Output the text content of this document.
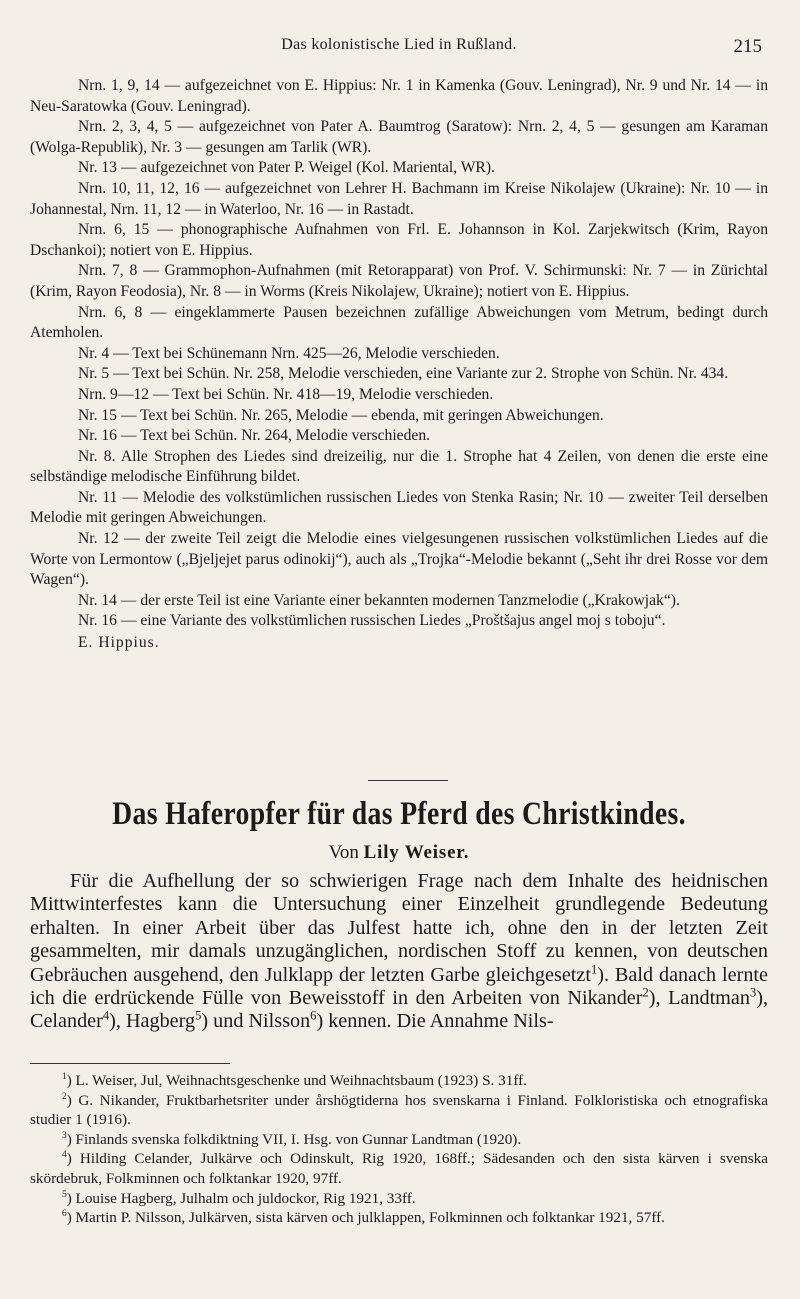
Das kolonistische Lied in Rußland.	215

Nrn. 1, 9, 14 — aufgezeichnet von E. Hippius: Nr. 1 in Kamenka (Gouv. Leningrad), Nr. 9 und Nr. 14 — in Neu-Saratowka (Gouv. Leningrad).

Nrn. 2, 3, 4, 5 — aufgezeichnet von Pater A. Baumtrog (Saratow): Nrn. 2, 4, 5 — gesungen am Karaman (Wolga-Republik), Nr. 3 — gesungen am Tarlik (WR).

Nr. 13 — aufgezeichnet von Pater P. Weigel (Kol. Mariental, WR).

Nrn. 10, 11, 12, 16 — aufgezeichnet von Lehrer H. Bachmann im Kreise Nikolajew (Ukraine): Nr. 10 — in Johannestal, Nrn. 11, 12 — in Waterloo, Nr. 16 — in Rastadt.

Nrn. 6, 15 — phonographische Aufnahmen von Frl. E. Johannson in Kol. Zarjekwitsch (Krim, Rayon Dschankoi); notiert von E. Hippius.

Nrn. 7, 8 — Grammophon-Aufnahmen (mit Retorapparat) von Prof. V. Schirmunski: Nr. 7 — in Zürichtal (Krim, Rayon Feodosia), Nr. 8 — in Worms (Kreis Nikolajew, Ukraine); notiert von E. Hippius.

Nrn. 6, 8 — eingeklammerte Pausen bezeichnen zufällige Abweichungen vom Metrum, bedingt durch Atemholen.

Nr. 4 — Text bei Schünemann Nrn. 425—26, Melodie verschieden.

Nr. 5 — Text bei Schün. Nr. 258, Melodie verschieden, eine Variante zur 2. Strophe von Schün. Nr. 434.

Nrn. 9—12 — Text bei Schün. Nr. 418—19, Melodie verschieden.

Nr. 15 — Text bei Schün. Nr. 265, Melodie — ebenda, mit geringen Abweichungen.

Nr. 16 — Text bei Schün. Nr. 264, Melodie verschieden.

Nr. 8. Alle Strophen des Liedes sind dreizeilig, nur die 1. Strophe hat 4 Zeilen, von denen die erste eine selbständige melodische Einführung bildet.

Nr. 11 — Melodie des volkstümlichen russischen Liedes von Stenka Rasin; Nr. 10 — zweiter Teil derselben Melodie mit geringen Abweichungen.

Nr. 12 — der zweite Teil zeigt die Melodie eines vielgesungenen russischen volkstümlichen Liedes auf die Worte von Lermontow („Bjeljejet parus odinokij“), auch als „Trojka“-Melodie bekannt („Seht ihr drei Rosse vor dem Wagen“).

Nr. 14 — der erste Teil ist eine Variante einer bekannten modernen Tanzmelodie („Krakowjak“).

Nr. 16 — eine Variante des volkstümlichen russischen Liedes „Proštšajus angel moj s toboju“.

E. Hippius.

Das Haferopfer für das Pferd des Christkindes.
Von Lily Weiser.

Für die Aufhellung der so schwierigen Frage nach dem Inhalte des heidnischen Mittwinterfestes kann die Untersuchung einer Einzelheit grundlegende Bedeutung erhalten. In einer Arbeit über das Julfest hatte ich, ohne den in der letzten Zeit gesammelten, mir damals unzugänglichen, nordischen Stoff zu kennen, von deutschen Gebräuchen ausgehend, den Julklapp der letzten Garbe gleichgesetzt$^1$). Bald danach lernte ich die erdrückende Fülle von Beweisstoff in den Arbeiten von Nikander$^2$), Landtman$^3$), Celander$^4$), Hagberg$^5$) und Nilsson$^6$) kennen. Die Annahme Nils-

$^1$) L. Weiser, Jul, Weihnachtsgeschenke und Weihnachtsbaum (1923) S. 31ff.

$^2$) G. Nikander, Fruktbarhetsriter under årshögtiderna hos svenskarna i Finland. Folkloristiska och etnografiska studier 1 (1916).

$^3$) Finlands svenska folkdiktning VII, I. Hsg. von Gunnar Landtman (1920).

$^4$) Hilding Celander, Julkärve och Odinskult, Rig 1920, 168ff.; Sädesanden och den sista kärven i svenska skördebruk, Folkminnen och folktankar 1920, 97ff.

$^5$) Louise Hagberg, Julhalm och juldockor, Rig 1921, 33ff.

$^6$) Martin P. Nilsson, Julkärven, sista kärven och julklappen, Folkminnen och folktankar 1921, 57ff.
